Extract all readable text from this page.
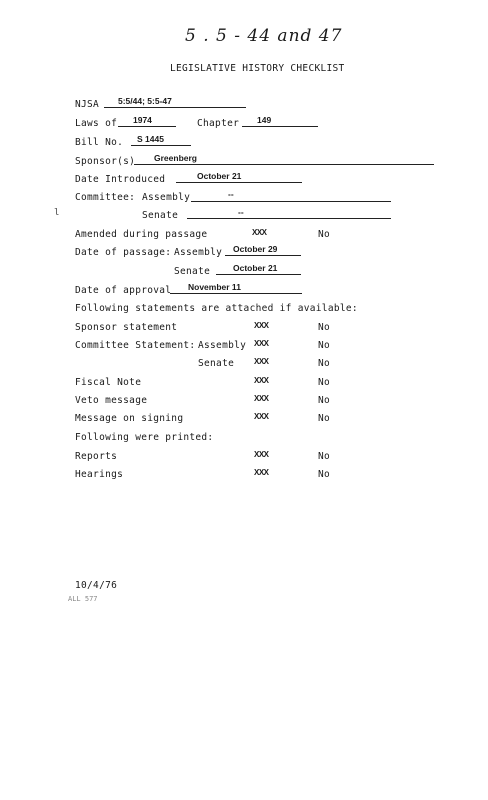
5 . 5 - 44 and 47
LEGISLATIVE HISTORY CHECKLIST
NJSA 5:5/44; 5:5-47
Laws of 1974	Chapter 149
Bill No. S 1445
Sponsor(s) Greenberg
Date Introduced	October 21
Committee: Assembly	--
Senate	--
Amended during passage	XXX	No
Date of passage: Assembly October 29
Senate	October 21
Date of approval November 11
Following statements are attached if available:
Sponsor statement	XXX	No
Committee Statement: Assembly XXX	No
Senate XXX	No
Fiscal Note	XXX	No
Veto message	XXX	No
Message on signing	XXX	No
Following were printed:
Reports	XXX	No
Hearings	XXX	No
10/4/76
ALL 577
l
